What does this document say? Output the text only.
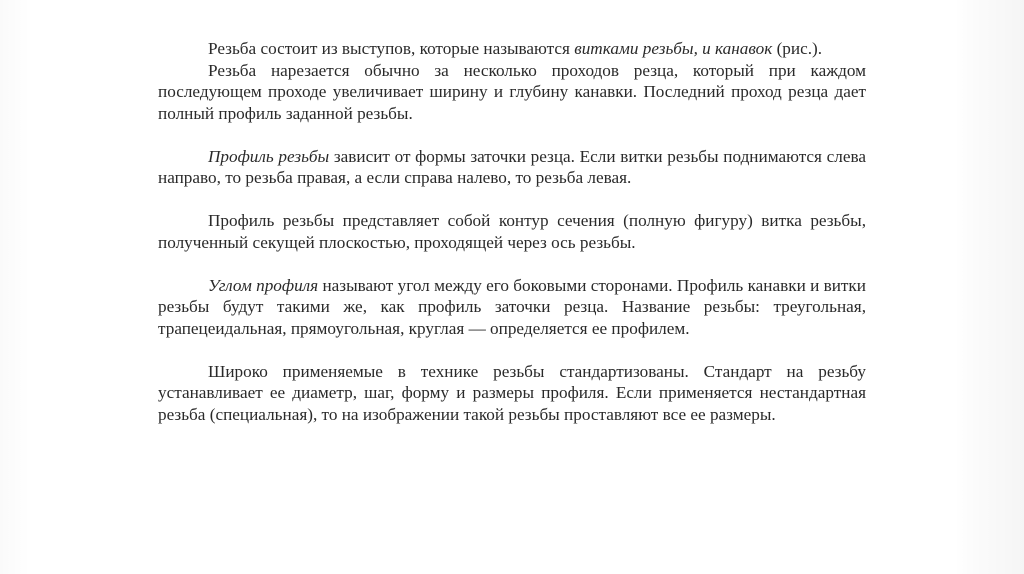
Резьба состоит из выступов, которые называются витками резьбы, и канавок (рис.).

Резьба нарезается обычно за несколько проходов резца, который при каждом последующем проходе увеличивает ширину и глубину канавки. Последний проход резца дает полный профиль заданной резьбы.

Профиль резьбы зависит от формы заточки резца. Если витки резьбы поднимаются слева направо, то резьба правая, а если справа налево, то резьба левая.

Профиль резьбы представляет собой контур сечения (полную фигуру) витка резьбы, полученный секущей плоскостью, проходящей через ось резьбы.

Углом профиля называют угол между его боковыми сторонами. Профиль канавки и витки резьбы будут такими же, как профиль заточки резца. Название резьбы: треугольная, трапецеидальная, прямоугольная, круглая — определяется ее профилем.

Широко применяемые в технике резьбы стандартизованы. Стандарт на резьбу устанавливает ее диаметр, шаг, форму и размеры профиля. Если применяется нестандартная резьба (специальная), то на изображении такой резьбы проставляют все ее размеры.
